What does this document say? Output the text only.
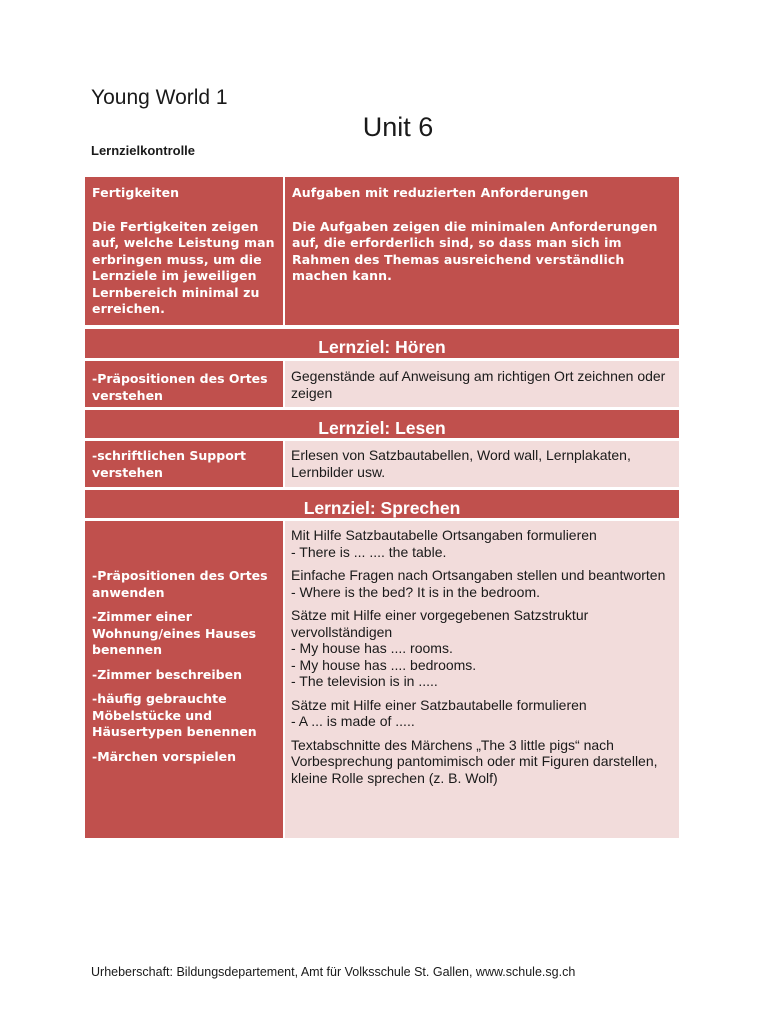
Young World 1
Unit 6
Lernzielkontrolle

Fertigkeiten

Die Fertigkeiten zeigen auf, welche Leistung man erbringen muss, um die Lernziele im jeweiligen Lernbereich minimal zu erreichen.

Aufgaben mit reduzierten Anforderungen

Die Aufgaben zeigen die minimalen Anforderungen auf, die erforderlich sind, so dass man sich im Rahmen des Themas ausreichend verständlich machen kann.

Lernziel: Hören
-Präpositionen des Ortes verstehen
Gegenstände auf Anweisung am richtigen Ort zeichnen oder zeigen
Lernziel: Lesen
-schriftlichen Support verstehen
Erlesen von Satzbautabellen, Word wall, Lernplakaten, Lernbilder usw.
Lernziel: Sprechen

-Präpositionen des Ortes anwenden

-Zimmer einer Wohnung/eines Hauses benennen

-Zimmer beschreiben

-häufig gebrauchte Möbelstücke und Häusertypen benennen

-Märchen vorspielen

Mit Hilfe Satzbautabelle Ortsangaben formulieren

- There is ... .... the table.

Einfache Fragen nach Ortsangaben stellen und beantworten

- Where is the bed? It is in the bedroom.

Sätze mit Hilfe einer vorgegebenen Satzstruktur vervollständigen

- My house has .... rooms.

- My house has .... bedrooms.

- The television is in .....

Sätze mit Hilfe einer Satzbautabelle formulieren

- A ... is made of .....

Textabschnitte des Märchens „The 3 little pigs“ nach Vorbesprechung pantomimisch oder mit Figuren darstellen, kleine Rolle sprechen (z. B. Wolf)

Urheberschaft: Bildungsdepartement, Amt für Volksschule St. Gallen, www.schule.sg.ch
